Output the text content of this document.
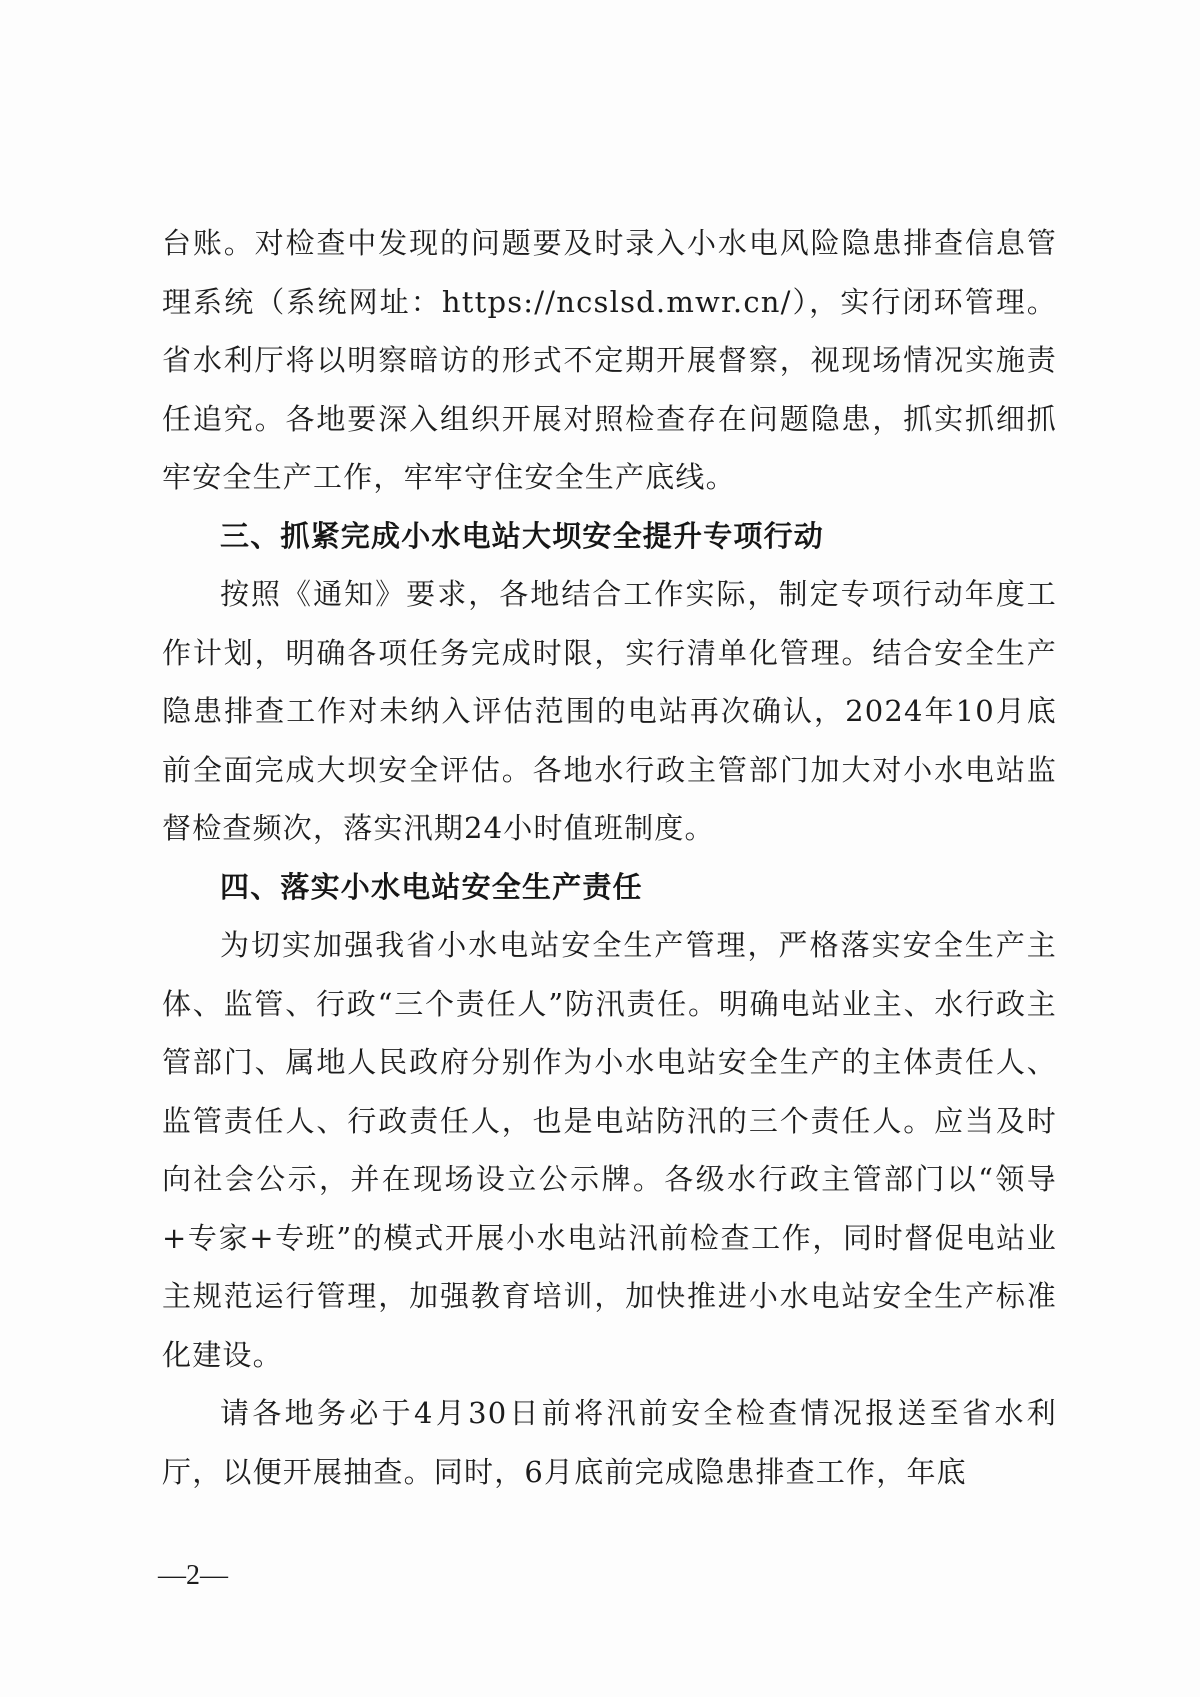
台账。对检查中发现的问题要及时录入小水电风险隐患排查信息管理系统（系统网址：https://ncslsd.mwr.cn/），实行闭环管理。省水利厅将以明察暗访的形式不定期开展督察，视现场情况实施责任追究。各地要深入组织开展对照检查存在问题隐患，抓实抓细抓牢安全生产工作，牢牢守住安全生产底线。

三、抓紧完成小水电站大坝安全提升专项行动

按照《通知》要求，各地结合工作实际，制定专项行动年度工作计划，明确各项任务完成时限，实行清单化管理。结合安全生产隐患排查工作对未纳入评估范围的电站再次确认，2024年10月底前全面完成大坝安全评估。各地水行政主管部门加大对小水电站监督检查频次，落实汛期24小时值班制度。

四、落实小水电站安全生产责任

为切实加强我省小水电站安全生产管理，严格落实安全生产主体、监管、行政“三个责任人”防汛责任。明确电站业主、水行政主管部门、属地人民政府分别作为小水电站安全生产的主体责任人、监管责任人、行政责任人，也是电站防汛的三个责任人。应当及时向社会公示，并在现场设立公示牌。各级水行政主管部门以“领导+专家+专班”的模式开展小水电站汛前检查工作，同时督促电站业主规范运行管理，加强教育培训，加快推进小水电站安全生产标准化建设。

请各地务必于4月30日前将汛前安全检查情况报送至省水利厅，以便开展抽查。同时，6月底前完成隐患排查工作，年底

—2—
